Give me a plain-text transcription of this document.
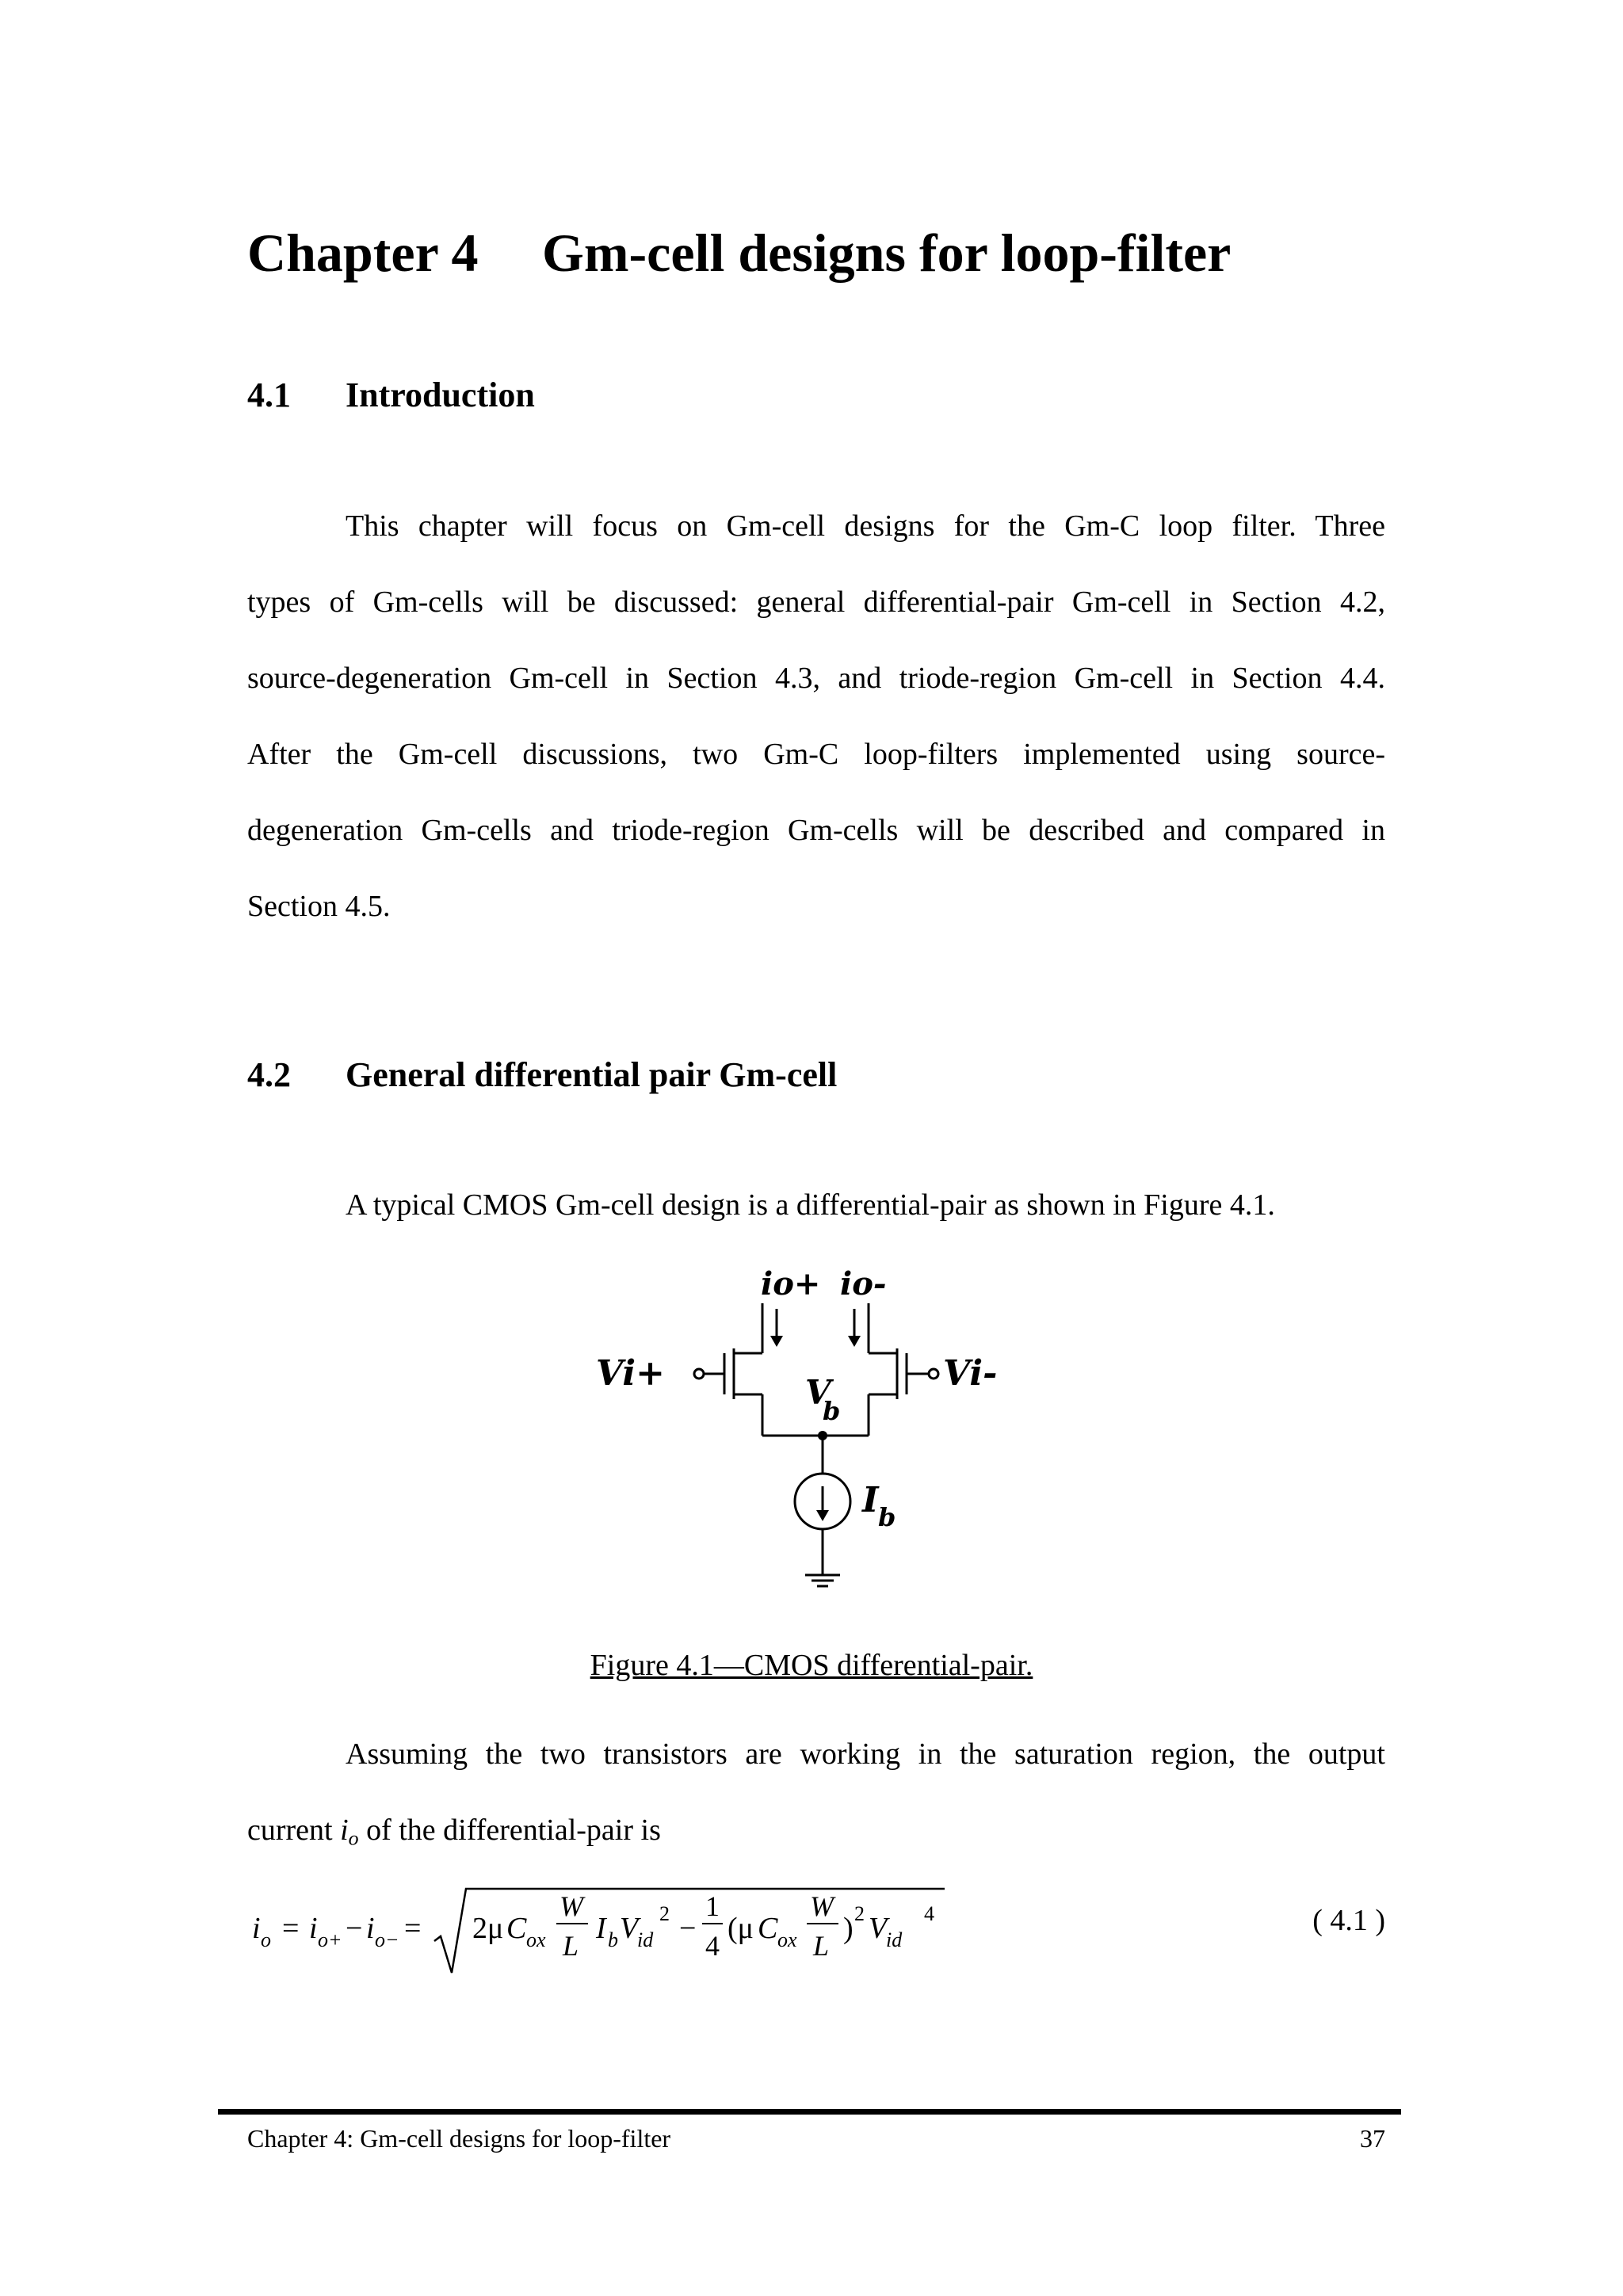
Chapter 4 Gm-cell designs for loop-filter
4.1 Introduction
This chapter will focus on Gm-cell designs for the Gm-C loop filter. Three
types of Gm-cells will be discussed: general differential-pair Gm-cell in Section 4.2,
source-degeneration Gm-cell in Section 4.3, and triode-region Gm-cell in Section 4.4.
After the Gm-cell discussions, two Gm-C loop-filters implemented using source-
degeneration Gm-cells and triode-region Gm-cells will be described and compared in
Section 4.5.
4.2 General differential pair Gm-cell
A typical CMOS Gm-cell design is a differential-pair as shown in Figure 4.1.
io+ io-
Vi+	Vi-
V
b
I b
Figure 4.1—CMOS differential-pair.
Assuming the two transistors are working in the saturation region, the output
current $i_o$ of the differential-pair is
i o = i o+ − i o− = 2μ C ox
W
L
I b V
id
2 −
1
4
(μ C ox
W
L
) 2 V
id
4	( 4.1 )
Chapter 4: Gm-cell designs for loop-filter	37
